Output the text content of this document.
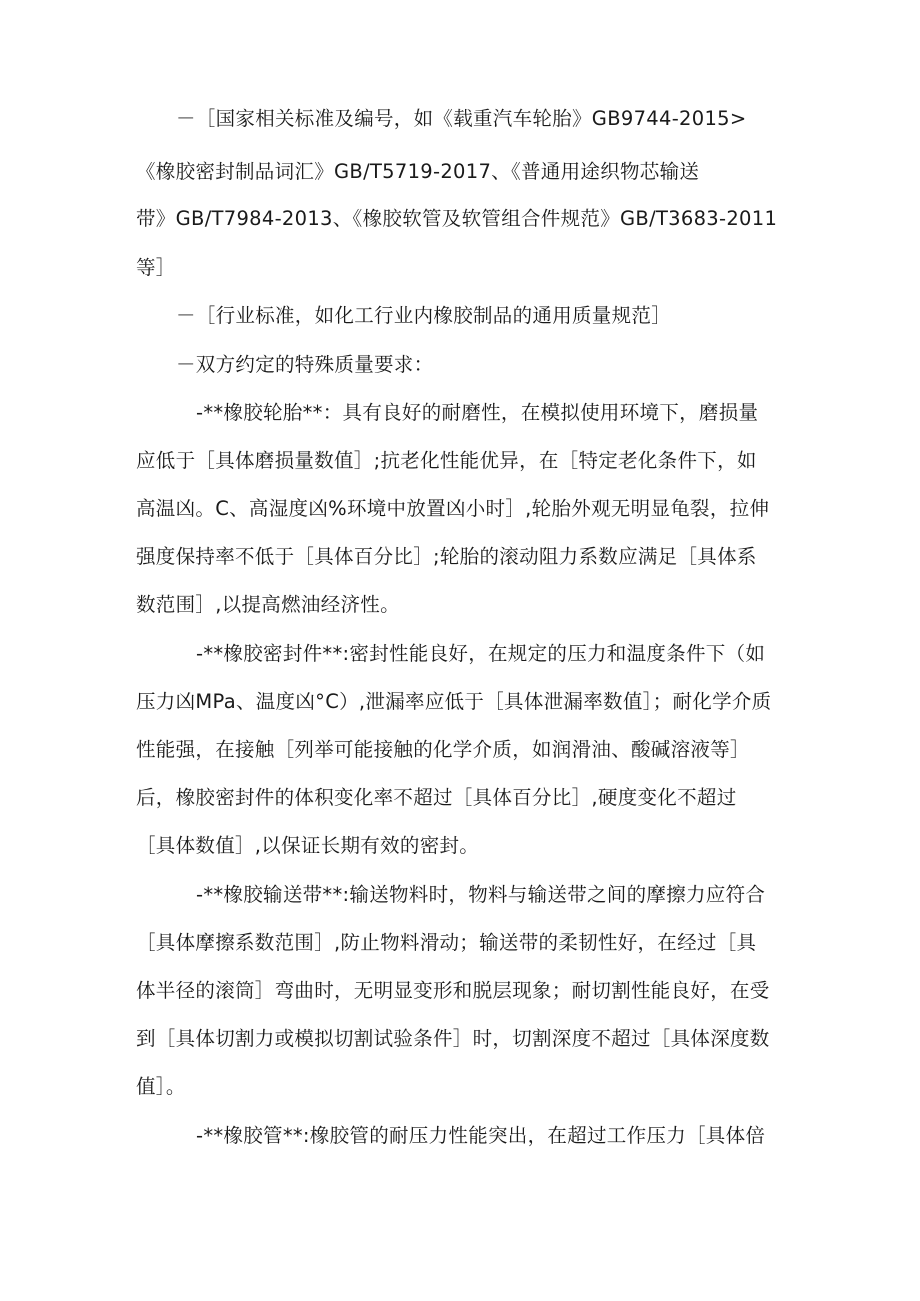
－［国家相关标准及编号，如《载重汽车轮胎》GB9744-2015>
《橡胶密封制品词汇》GB/T5719-2017、《普通用途织物芯输送
带》GB/T7984-2013、《橡胶软管及软管组合件规范》GB/T3683-2011
等］
－［行业标准，如化工行业内橡胶制品的通用质量规范］
－双方约定的特殊质量要求：
-**橡胶轮胎**：具有良好的耐磨性，在模拟使用环境下，磨损量
应低于［具体磨损量数值］;抗老化性能优异，在［特定老化条件下，如
高温凶。C、高湿度凶%环境中放置凶小时］,轮胎外观无明显龟裂，拉伸
强度保持率不低于［具体百分比］;轮胎的滚动阻力系数应满足［具体系
数范围］,以提高燃油经济性。
-**橡胶密封件**:密封性能良好，在规定的压力和温度条件下（如
压力凶MPa、温度凶°C）,泄漏率应低于［具体泄漏率数值］；耐化学介质
性能强，在接触［列举可能接触的化学介质，如润滑油、酸碱溶液等］
后，橡胶密封件的体积变化率不超过［具体百分比］,硬度变化不超过
［具体数值］,以保证长期有效的密封。
-**橡胶输送带**:输送物料时，物料与输送带之间的摩擦力应符合
［具体摩擦系数范围］,防止物料滑动；输送带的柔韧性好，在经过［具
体半径的滚筒］弯曲时，无明显变形和脱层现象；耐切割性能良好，在受
到［具体切割力或模拟切割试验条件］时，切割深度不超过［具体深度数
值］。
-**橡胶管**:橡胶管的耐压力性能突出，在超过工作压力［具体倍
